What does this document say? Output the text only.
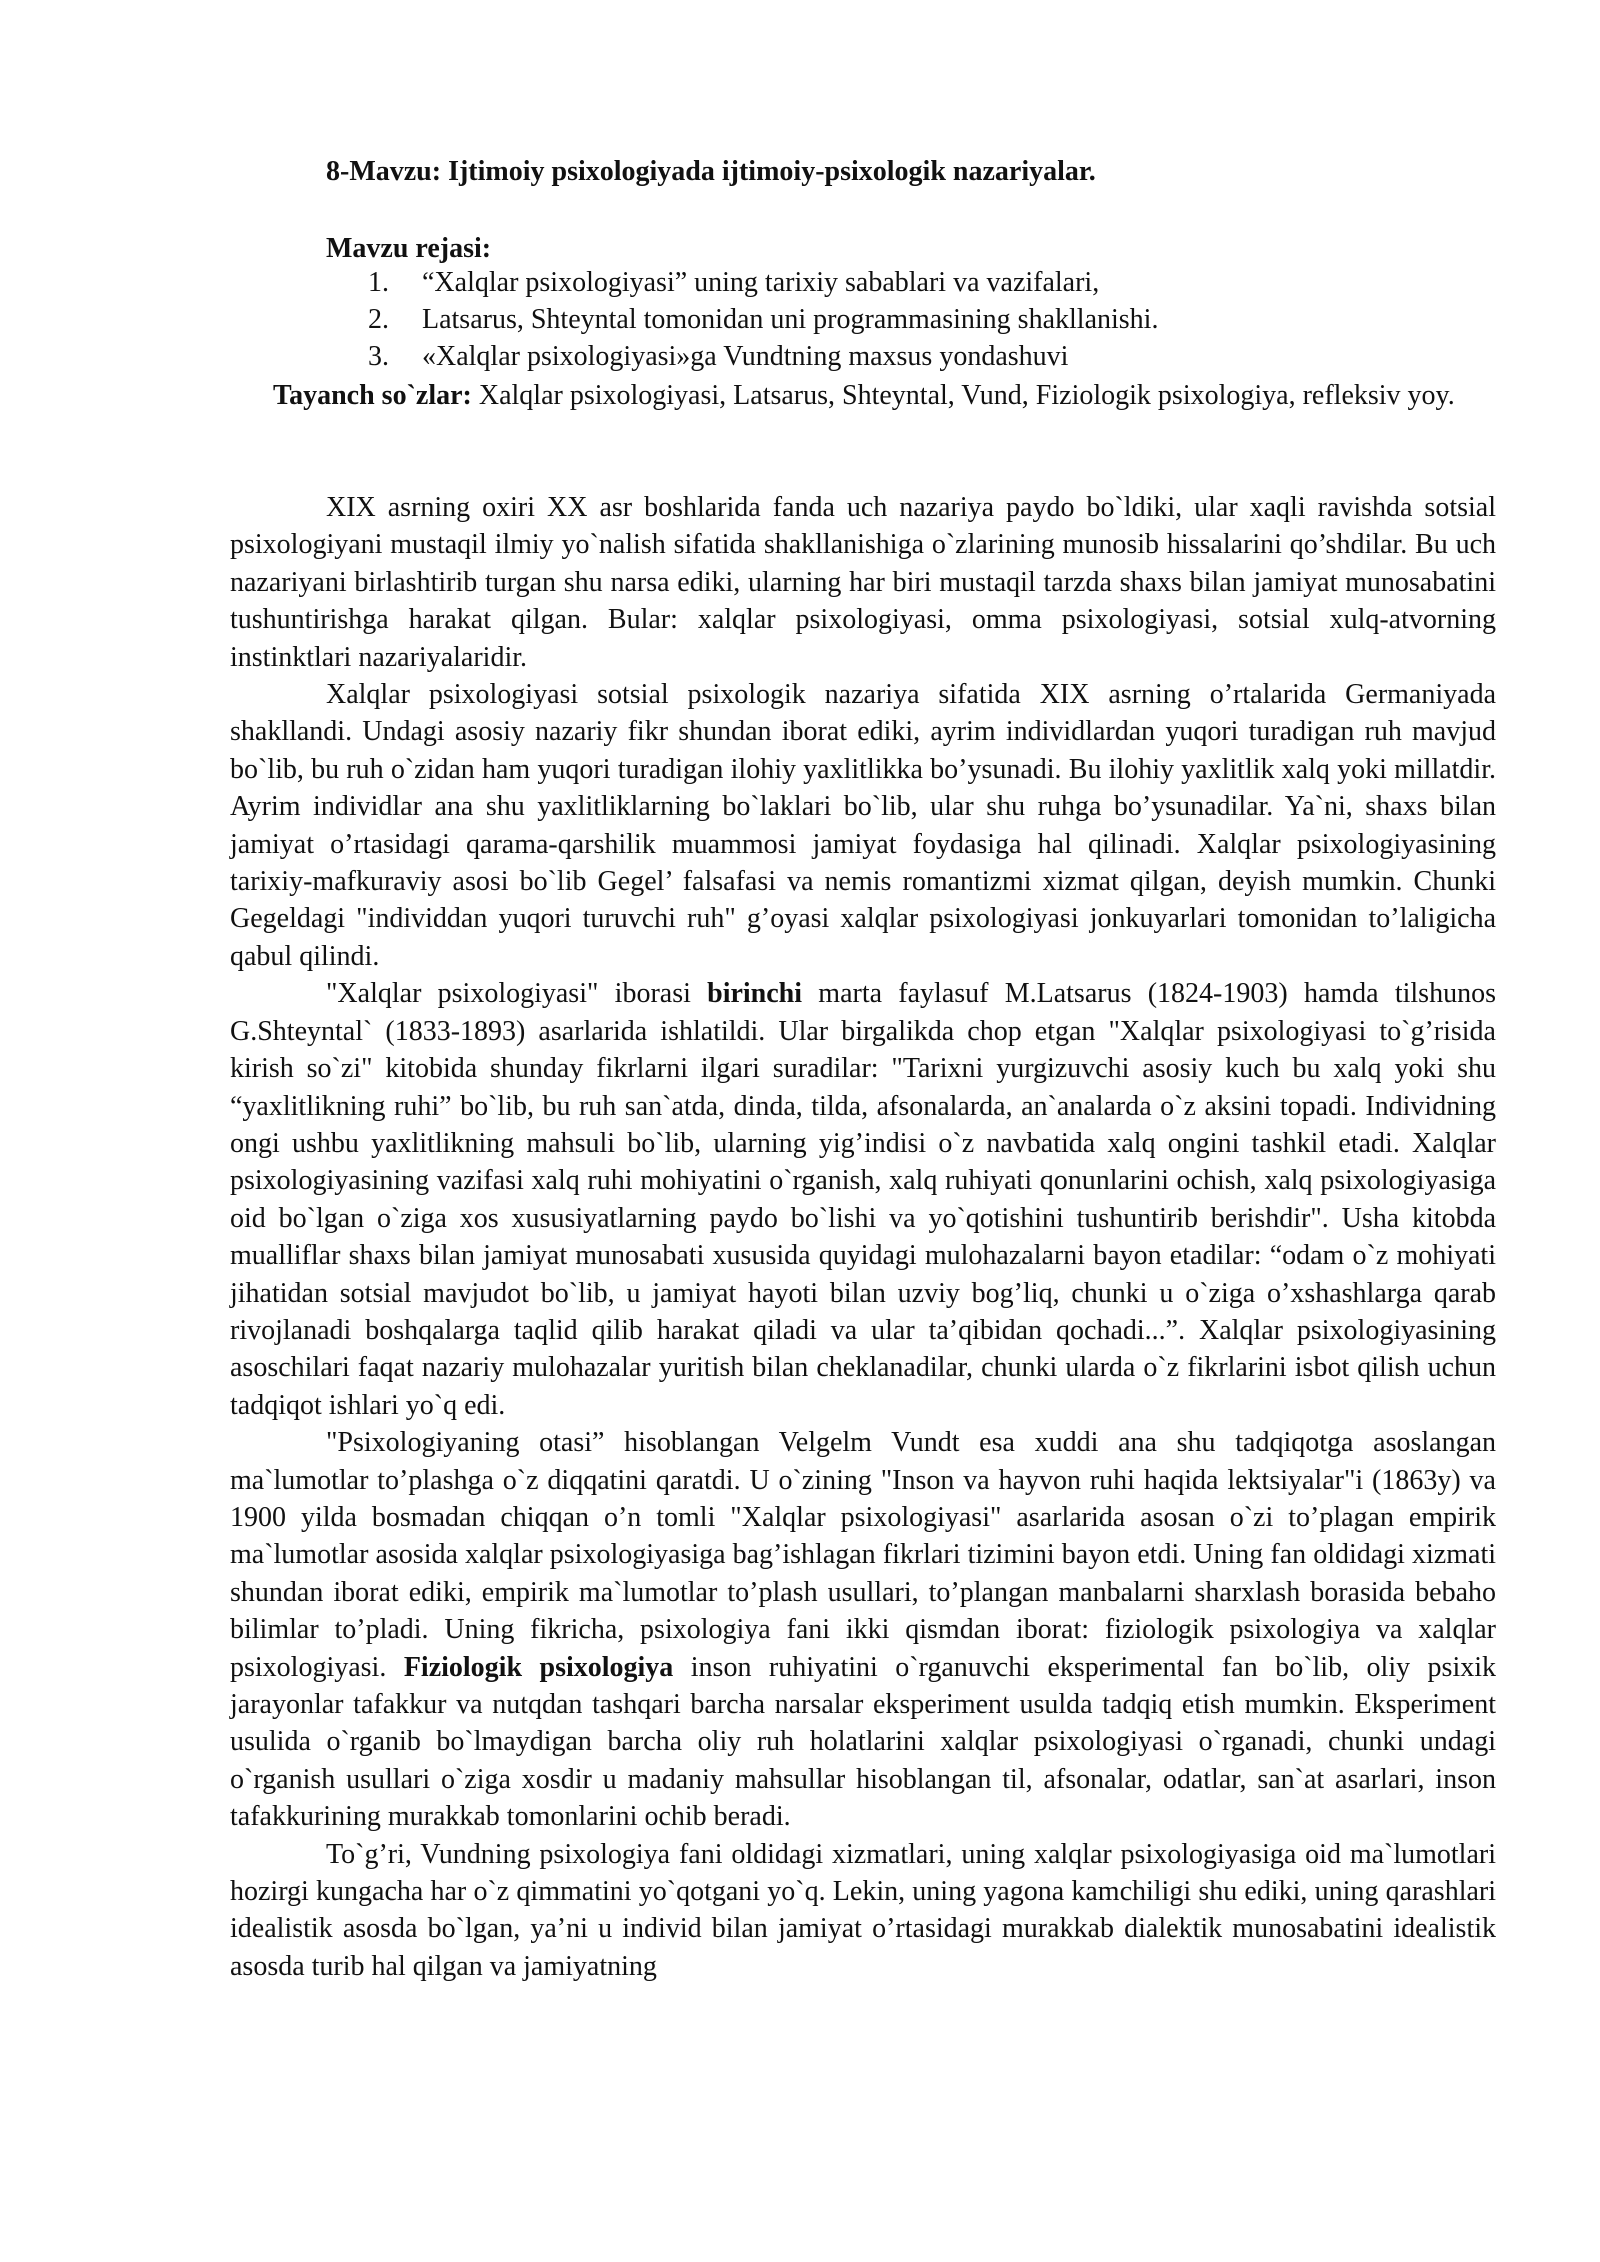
8-Mavzu: Ijtimoiy psixologiyada ijtimoiy-psixologik nazariyalar.
Mavzu rejasi:
1. “Xalqlar psixologiyasi” uning tarixiy sabablari va vazifalari,
2. Latsarus, Shteyntal tomonidan uni programmasining shakllanishi.
3. «Xalqlar psixologiyasi»ga Vundtning maxsus yondashuvi
Tayanch so`zlar: Xalqlar psixologiyasi, Latsarus, Shteyntal, Vund, Fiziologik psixologiya, refleksiv yoy.

XIX asrning oxiri XX asr boshlarida fanda uch nazariya paydo bo`ldiki, ular xaqli ravishda sotsial psixologiyani mustaqil ilmiy yo`nalish sifatida shakllanishiga o`zlarining munosib hissalarini qo’shdilar. Bu uch nazariyani birlashtirib turgan shu narsa ediki, ularning har biri mustaqil tarzda shaxs bilan jamiyat munosabatini tushuntirishga harakat qilgan. Bular: xalqlar psixologiyasi, omma psixologiyasi, sotsial xulq-atvorning instinktlari nazariyalaridir.

Xalqlar psixologiyasi sotsial psixologik nazariya sifatida XIX asrning o’rtalarida Germaniyada shakllandi. Undagi asosiy nazariy fikr shundan iborat ediki, ayrim individlardan yuqori turadigan ruh mavjud bo`lib, bu ruh o`zidan ham yuqori turadigan ilohiy yaxlitlikka bo’ysunadi. Bu ilohiy yaxlitlik xalq yoki millatdir. Ayrim individlar ana shu yaxlitliklarning bo`laklari bo`lib, ular shu ruhga bo’ysunadilar. Ya`ni, shaxs bilan jamiyat o’rtasidagi qarama-qarshilik muammosi jamiyat foydasiga hal qilinadi. Xalqlar psixologiyasining tarixiy-mafkuraviy asosi bo`lib Gegel’ falsafasi va nemis romantizmi xizmat qilgan, deyish mumkin. Chunki Gegeldagi "individdan yuqori turuvchi ruh" g’oyasi xalqlar psixologiyasi jonkuyarlari tomonidan to’laligicha qabul qilindi.

"Xalqlar psixologiyasi" iborasi birinchi marta faylasuf M.Latsarus (1824-1903) hamda tilshunos G.Shteyntal` (1833-1893) asarlarida ishlatildi. Ular birgalikda chop etgan "Xalqlar psixologiyasi to`g’risida kirish so`zi" kitobida shunday fikrlarni ilgari suradilar: "Tarixni yurgizuvchi asosiy kuch bu xalq yoki shu “yaxlitlikning ruhi” bo`lib, bu ruh san`atda, dinda, tilda, afsonalarda, an`analarda o`z aksini topadi. Individning ongi ushbu yaxlitlikning mahsuli bo`lib, ularning yig’indisi o`z navbatida xalq ongini tashkil etadi. Xalqlar psixologiyasining vazifasi xalq ruhi mohiyatini o`rganish, xalq ruhiyati qonunlarini ochish, xalq psixologiyasiga oid bo`lgan o`ziga xos xususiyatlarning paydo bo`lishi va yo`qotishini tushuntirib berishdir". Usha kitobda mualliflar shaxs bilan jamiyat munosabati xususida quyidagi mulohazalarni bayon etadilar: “odam o`z mohiyati jihatidan sotsial mavjudot bo`lib, u jamiyat hayoti bilan uzviy bog’liq, chunki u o`ziga o’xshashlarga qarab rivojlanadi boshqalarga taqlid qilib harakat qiladi va ular ta’qibidan qochadi...”. Xalqlar psixologiyasining asoschilari faqat nazariy mulohazalar yuritish bilan cheklanadilar, chunki ularda o`z fikrlarini isbot qilish uchun tadqiqot ishlari yo`q edi.

"Psixologiyaning otasi” hisoblangan Velgelm Vundt esa xuddi ana shu tadqiqotga asoslangan ma`lumotlar to’plashga o`z diqqatini qaratdi. U o`zining "Inson va hayvon ruhi haqida lektsiyalar"i (1863y) va 1900 yilda bosmadan chiqqan o’n tomli "Xalqlar psixologiyasi" asarlarida asosan o`zi to’plagan empirik ma`lumotlar asosida xalqlar psixologiyasiga bag’ishlagan fikrlari tizimini bayon etdi. Uning fan oldidagi xizmati shundan iborat ediki, empirik ma`lumotlar to’plash usullari, to’plangan manbalarni sharxlash borasida bebaho bilimlar to’pladi. Uning fikricha, psixologiya fani ikki qismdan iborat: fiziologik psixologiya va xalqlar psixologiyasi. Fiziologik psixologiya inson ruhiyatini o`rganuvchi eksperimental fan bo`lib, oliy psixik jarayonlar tafakkur va nutqdan tashqari barcha narsalar eksperiment usulda tadqiq etish mumkin. Eksperiment usulida o`rganib bo`lmaydigan barcha oliy ruh holatlarini xalqlar psixologiyasi o`rganadi, chunki undagi o`rganish usullari o`ziga xosdir u madaniy mahsullar hisoblangan til, afsonalar, odatlar, san`at asarlari, inson tafakkurining murakkab tomonlarini ochib beradi.

To`g’ri, Vundning psixologiya fani oldidagi xizmatlari, uning xalqlar psixologiyasiga oid ma`lumotlari hozirgi kungacha har o`z qimmatini yo`qotgani yo`q. Lekin, uning yagona kamchiligi shu ediki, uning qarashlari idealistik asosda bo`lgan, ya’ni u individ bilan jamiyat o’rtasidagi murakkab dialektik munosabatini idealistik asosda turib hal qilgan va jamiyatning
